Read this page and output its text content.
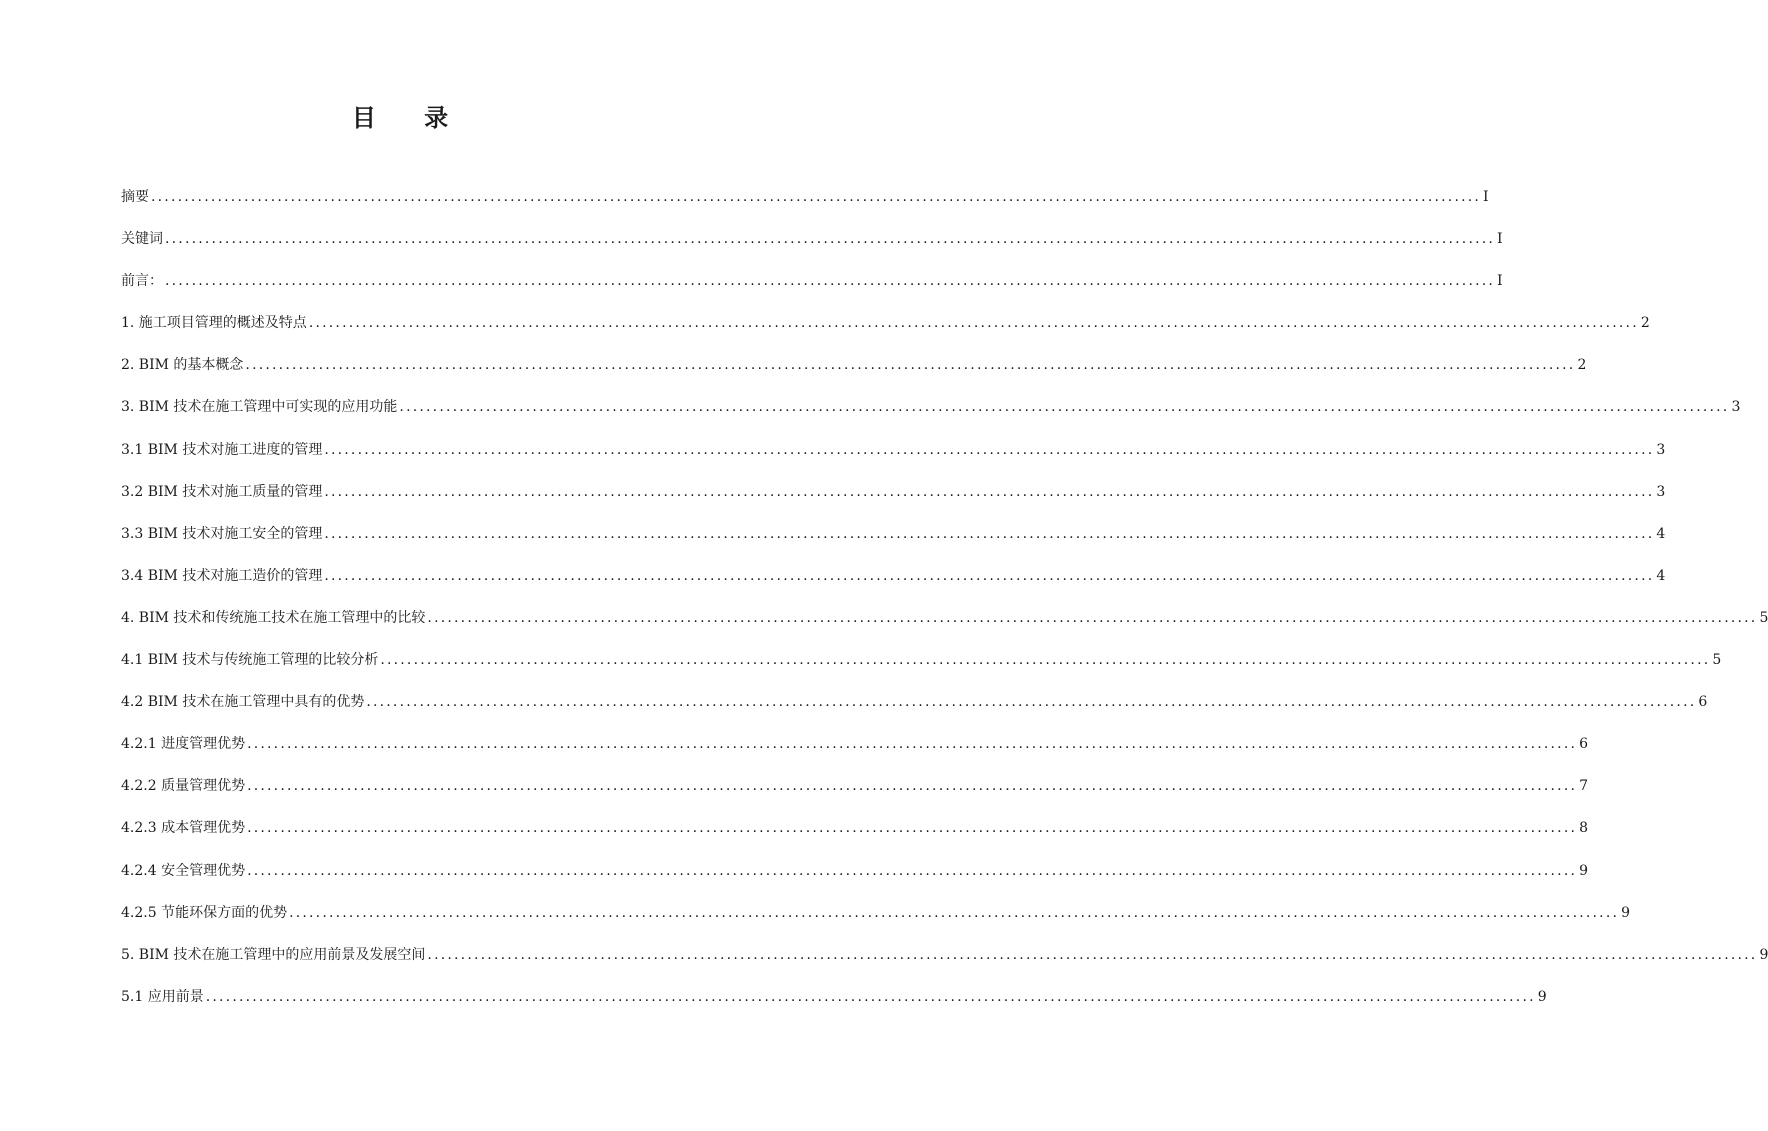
目 录
摘要 ........................................................................................................................................................................................................ I
关键词 ........................................................................................................................................................................................................ I
前言： ........................................................................................................................................................................................................ I
1. 施工项目管理的概述及特点 ........................................................................................................................................................................................................ 2
2. BIM 的基本概念 ........................................................................................................................................................................................................ 2
3. BIM 技术在施工管理中可实现的应用功能 ........................................................................................................................................................................................................ 3
3.1 BIM 技术对施工进度的管理 ........................................................................................................................................................................................................ 3
3.2 BIM 技术对施工质量的管理 ........................................................................................................................................................................................................ 3
3.3 BIM 技术对施工安全的管理 ........................................................................................................................................................................................................ 4
3.4 BIM 技术对施工造价的管理 ........................................................................................................................................................................................................ 4
4. BIM 技术和传统施工技术在施工管理中的比较 ........................................................................................................................................................................................................ 5
4.1 BIM 技术与传统施工管理的比较分析 ........................................................................................................................................................................................................ 5
4.2 BIM 技术在施工管理中具有的优势 ........................................................................................................................................................................................................ 6
4.2.1 进度管理优势 ........................................................................................................................................................................................................ 6
4.2.2 质量管理优势 ........................................................................................................................................................................................................ 7
4.2.3 成本管理优势 ........................................................................................................................................................................................................ 8
4.2.4 安全管理优势 ........................................................................................................................................................................................................ 9
4.2.5 节能环保方面的优势 ........................................................................................................................................................................................................ 9
5. BIM 技术在施工管理中的应用前景及发展空间 ........................................................................................................................................................................................................ 9
5.1 应用前景 ........................................................................................................................................................................................................ 9
